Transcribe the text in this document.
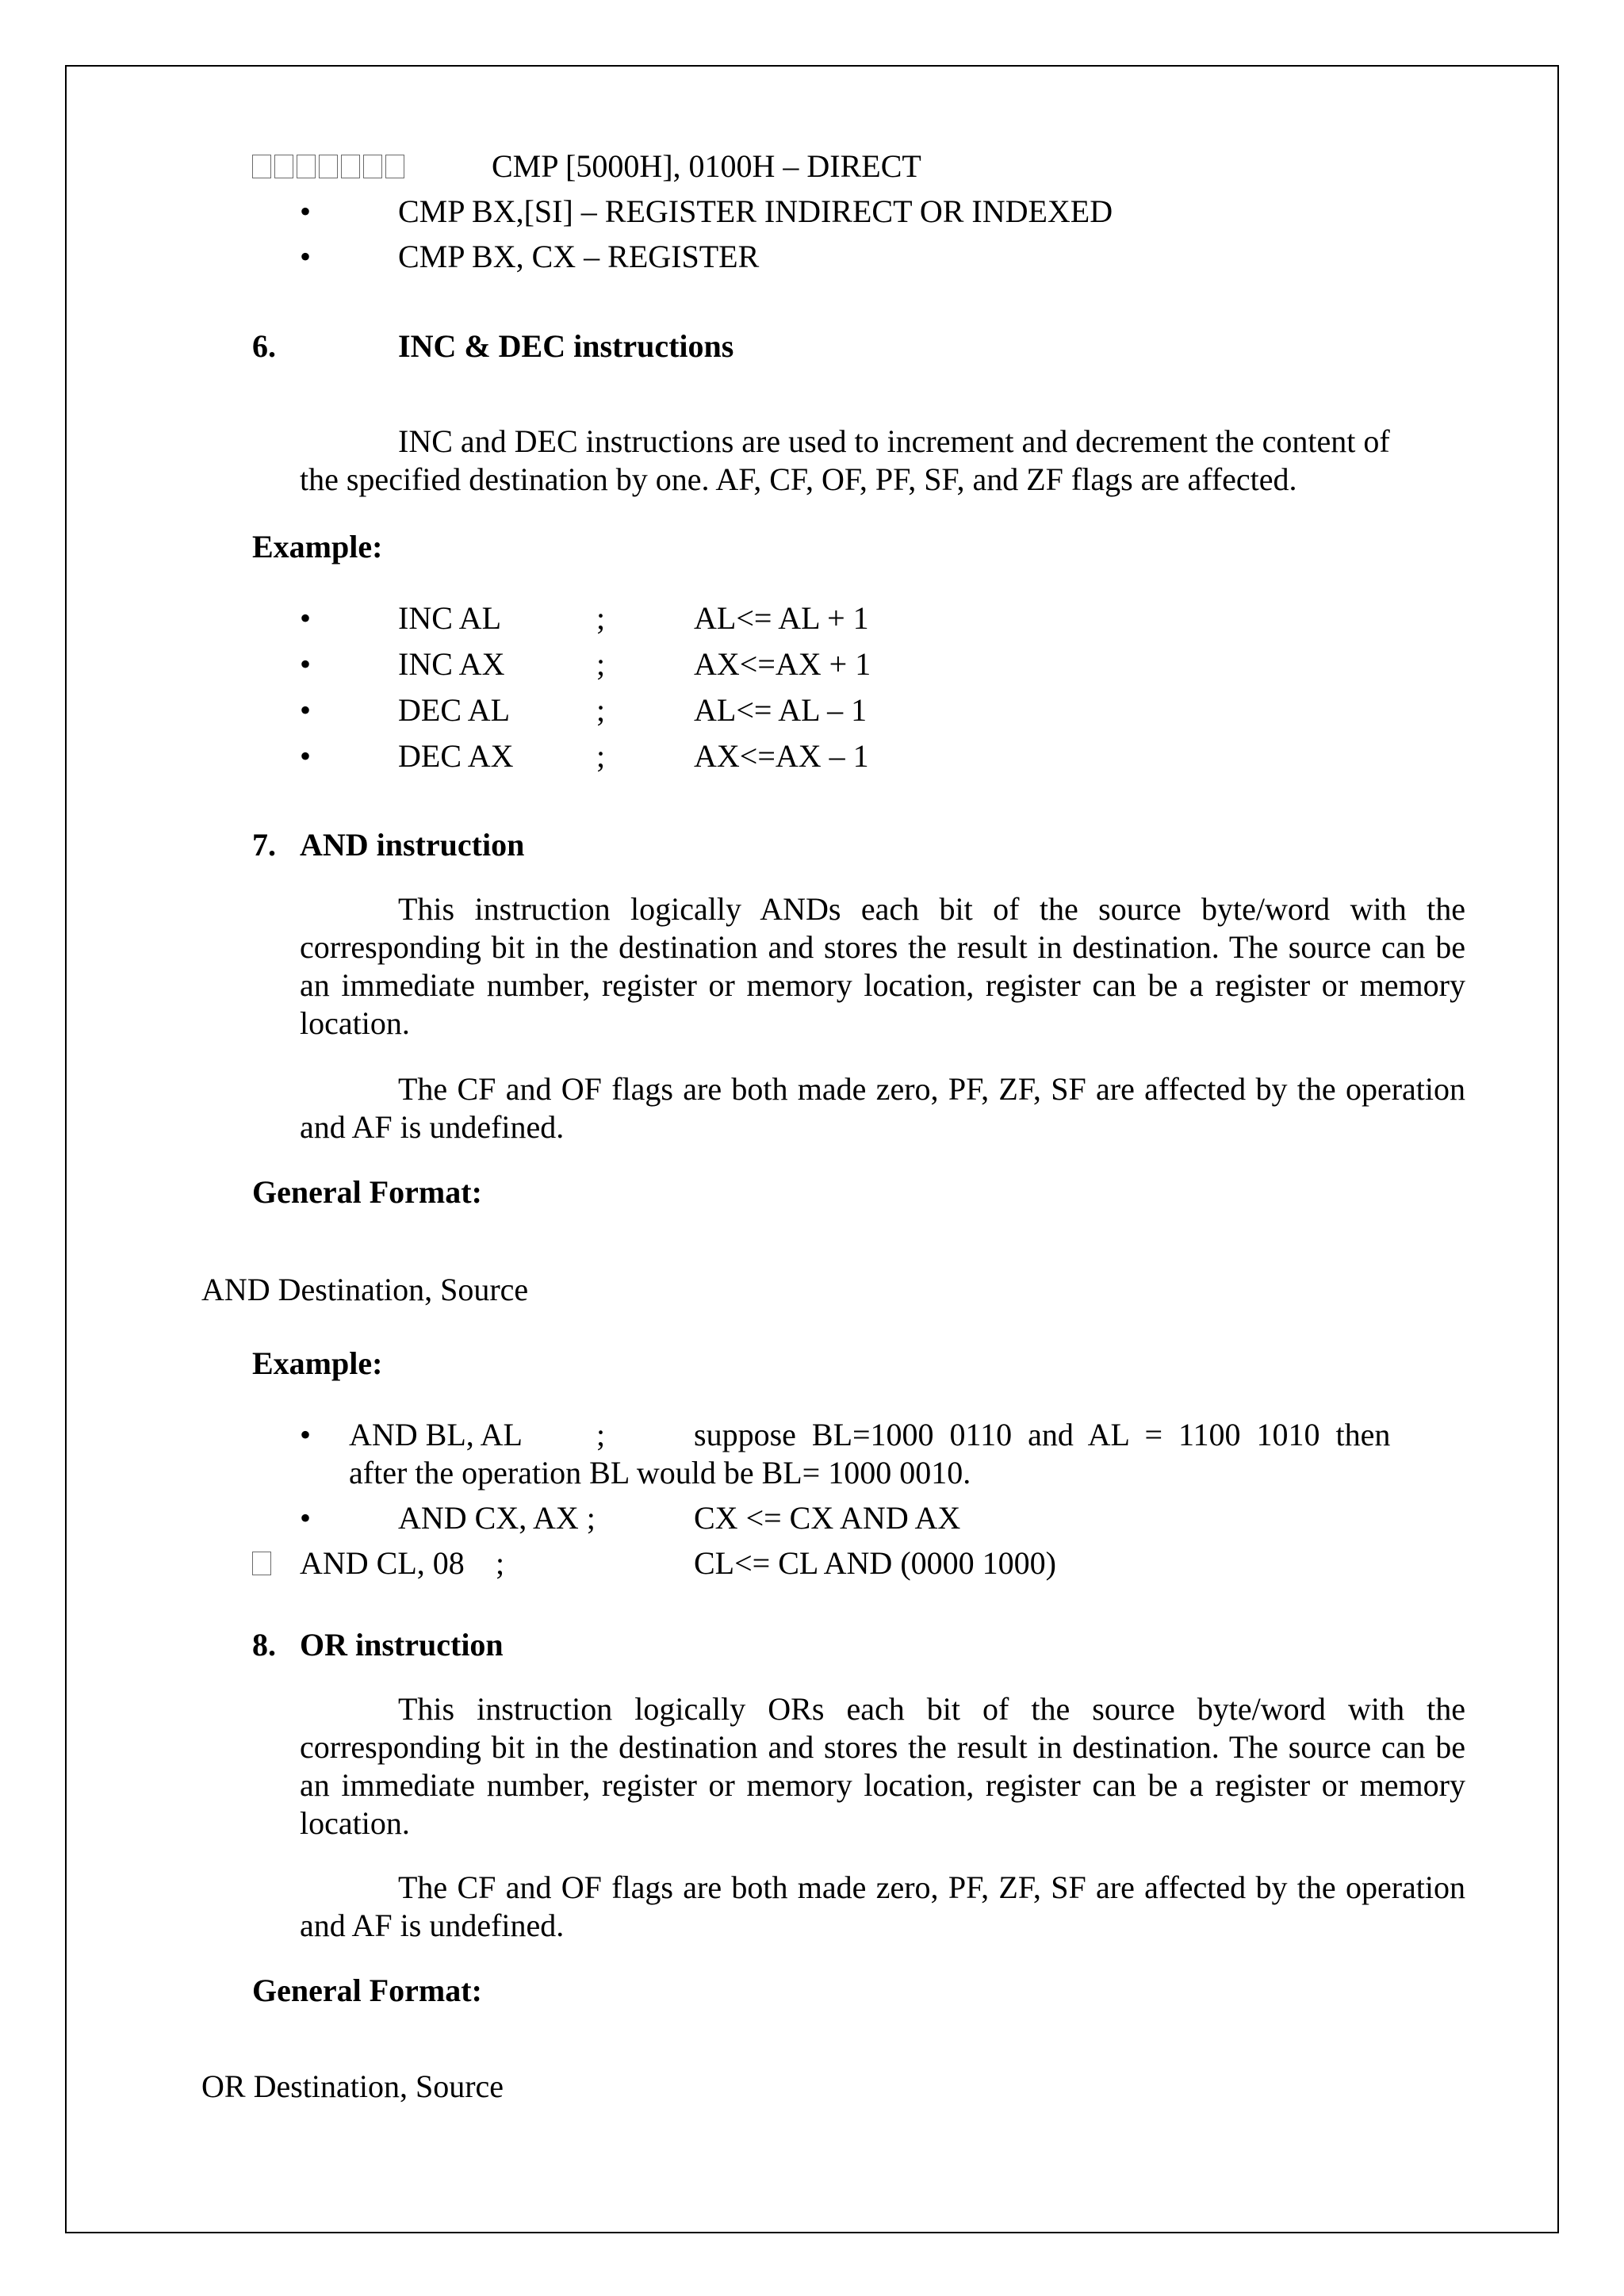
CMP [5000H], 0100H – DIRECT
•	CMP BX,[SI] – REGISTER INDIRECT OR INDEXED
•	CMP BX, CX – REGISTER
6.	INC & DEC instructions
INC and DEC instructions are used to increment and decrement the content of
the specified destination by one. AF, CF, OF, PF, SF, and ZF flags are affected.
Example:
•	INC AL	;	AL<= AL + 1
•	INC AX	;	AX<=AX + 1
•	DEC AL	;	AL<= AL – 1
•	DEC AX	;	AX<=AX – 1
7. AND instruction
This instruction logically ANDs each bit of the source byte/word with the corresponding bit in the destination and stores the result in destination. The source can be an immediate number, register or memory location, register can be a register or memory location.
The CF and OF flags are both made zero, PF, ZF, SF are affected by the operation and AF is undefined.
General Format:
AND Destination, Source
Example:
• AND BL, AL ;	suppose  BL=1000  0110  and  AL  =  1100  1010  then
after the operation BL would be BL= 1000 0010.
•	AND CX, AX ;	CX <= CX AND AX
AND CL, 08 ;	CL<= CL AND (0000 1000)
8. OR instruction
This instruction logically ORs each bit of the source byte/word with the corresponding bit in the destination and stores the result in destination. The source can be an immediate number, register or memory location, register can be a register or memory location.
The CF and OF flags are both made zero, PF, ZF, SF are affected by the operation and AF is undefined.
General Format:
OR Destination, Source
